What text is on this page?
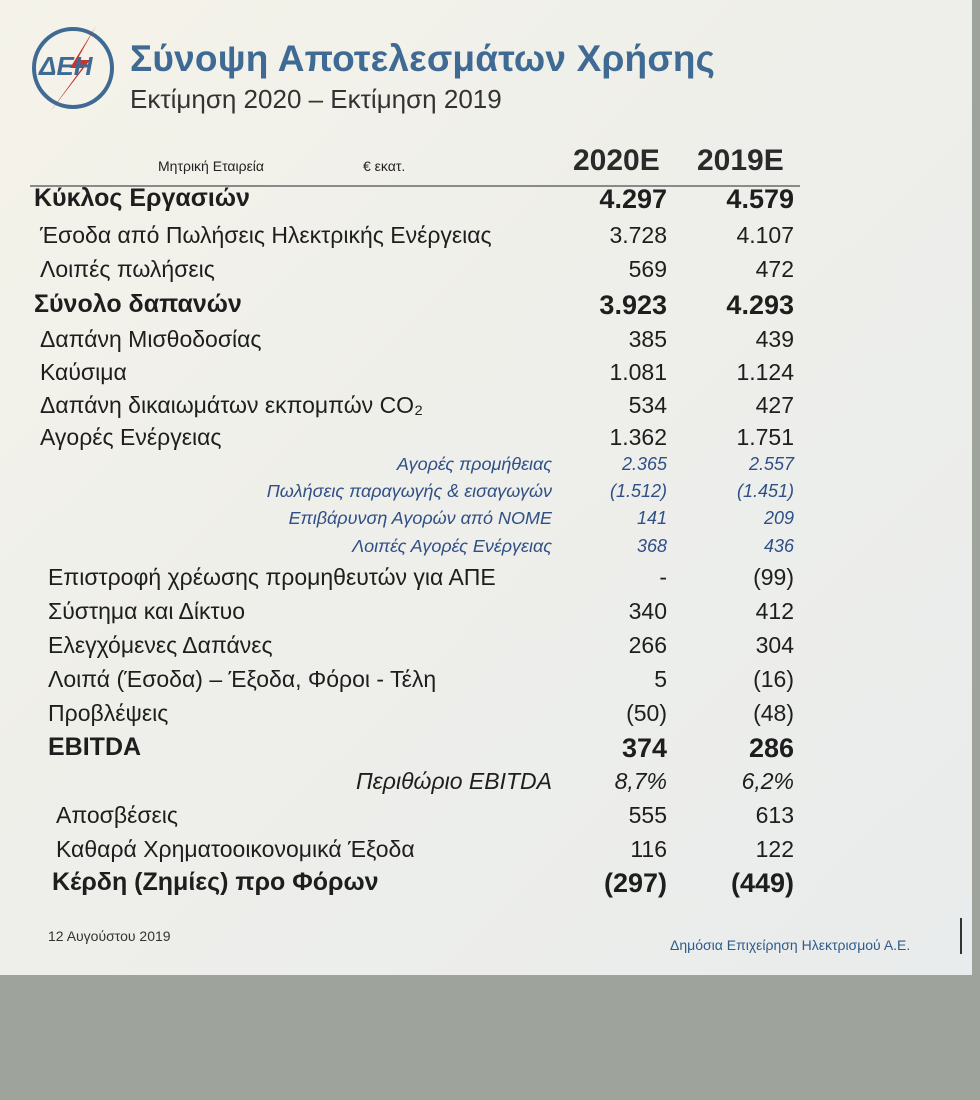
ΔΕΗ Σύνοψη Αποτελεσμάτων Χρήσης
Εκτίμηση 2020 – Εκτίμηση 2019
Μητρική Εταιρεία	€ εκατ.	2020E 2019E
Κύκλος Εργασιών	4.297 4.579
Έσοδα από Πωλήσεις Ηλεκτρικής Ενέργειας	3.728	4.107
Λοιπές πωλήσεις	569	472
Σύνολο δαπανών	3.923 4.293
Δαπάνη Μισθοδοσίας	385	439
Καύσιμα	1.081	1.124
Δαπάνη δικαιωμάτων εκπομπών CO₂	534	427
Αγορές Ενέργειας	1.362	1.751
Αγορές προμήθειας	2.365	2.557
Πωλήσεις παραγωγής & εισαγωγών	(1.512)	(1.451)
Επιβάρυνση Αγορών από ΝΟΜΕ	141	209
Λοιπές Αγορές Ενέργειας	368	436
Επιστροφή χρέωσης προμηθευτών για ΑΠΕ	-	(99)
Σύστημα και Δίκτυο	340	412
Ελεγχόμενες Δαπάνες	266	304
Λοιπά (Έσοδα) – Έξοδα, Φόροι - Τέλη	5	(16)
Προβλέψεις	(50)	(48)
EBITDA	374	286
Περιθώριο EBITDA	8,7%	6,2%
Αποσβέσεις	555	613
Καθαρά Χρηματοοικονομικά Έξοδα	116	122
Κέρδη (Ζημίες) προ Φόρων	(297) (449)
12 Αυγούστου 2019
Δημόσια Επιχείρηση Ηλεκτρισμού Α.Ε.
